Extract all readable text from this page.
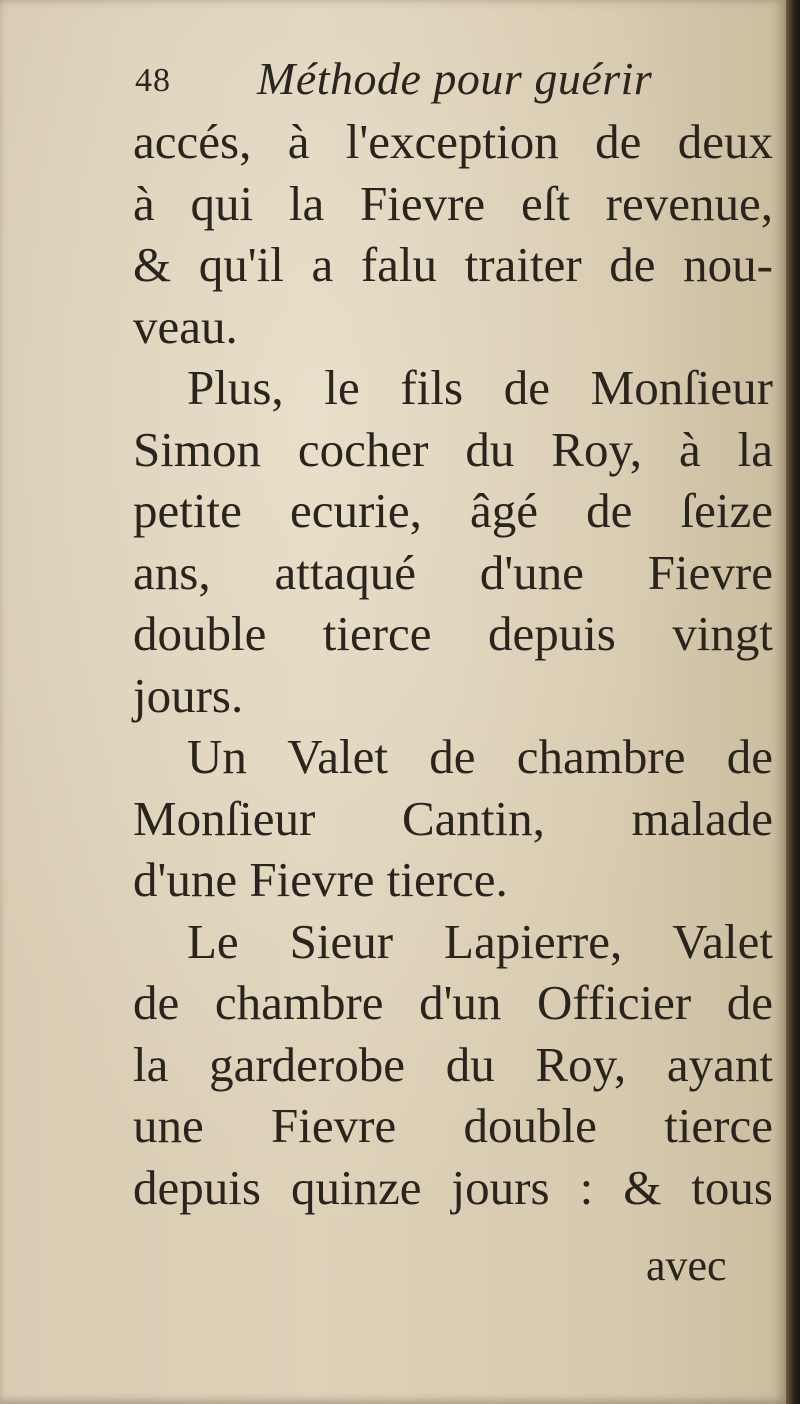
48 Méthode pour guérir
accés, à l'exception de deux
à qui la Fievre eſt revenue,
& qu'il a falu traiter de nou-
veau.
Plus, le fils de Monſieur
Simon cocher du Roy, à la
petite ecurie, âgé de ſeize
ans, attaqué d'une Fievre
double tierce depuis vingt
jours.
Un Valet de chambre de
Monſieur Cantin, malade
d'une Fievre tierce.
Le Sieur Lapierre, Valet
de chambre d'un Officier de
la garderobe du Roy, ayant
une Fievre double tierce
depuis quinze jours : & tous
avec
